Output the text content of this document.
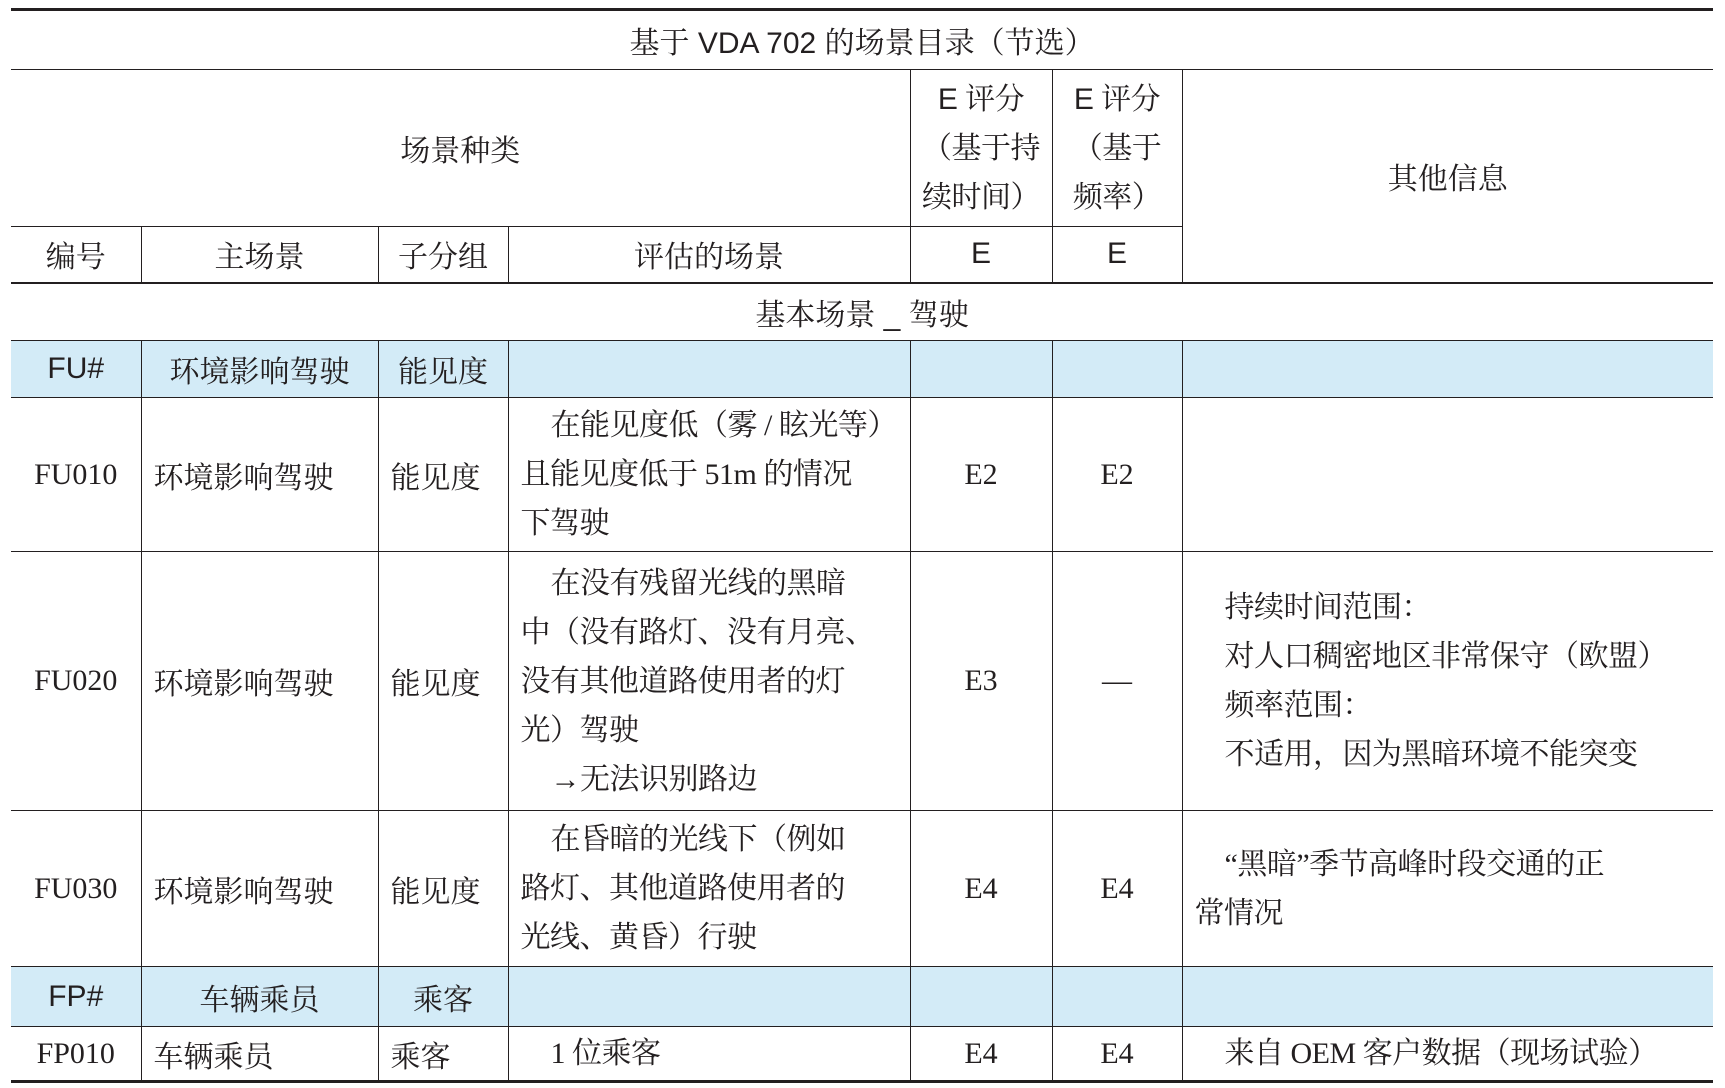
基于 VDA 702 的场景目录（节选）						
场景种类				E 评分
（基于持
续时间）	E 评分
（基于
频率）	其他信息
编号	主场景	子分组	评估的场景	E	E	
基本场景 _ 驾驶						
FU#	环境影响驾驶	能见度				
FU010	环境影响驾驶	能见度	在能见度低（雾 / 眩光等）
且能见度低于 51m 的情况
下驾驶	E2	E2	
FU020	环境影响驾驶	能见度	在没有残留光线的黑暗
中（没有路灯、没有月亮、
没有其他道路使用者的灯
光）驾驶
→无法识别路边	E3	—	持续时间范围：
对人口稠密地区非常保守（欧盟）
频率范围：
不适用，因为黑暗环境不能突变

FU030	环境影响驾驶	能见度	在昏暗的光线下（例如
路灯、其他道路使用者的
光线、黄昏）行驶	E4	E4	“黑暗”季节高峰时段交通的正
常情况

FP#	车辆乘员	乘客				
FP010	车辆乘员	乘客	1 位乘客	E4	E4	来自 OEM 客户数据（现场试验）
